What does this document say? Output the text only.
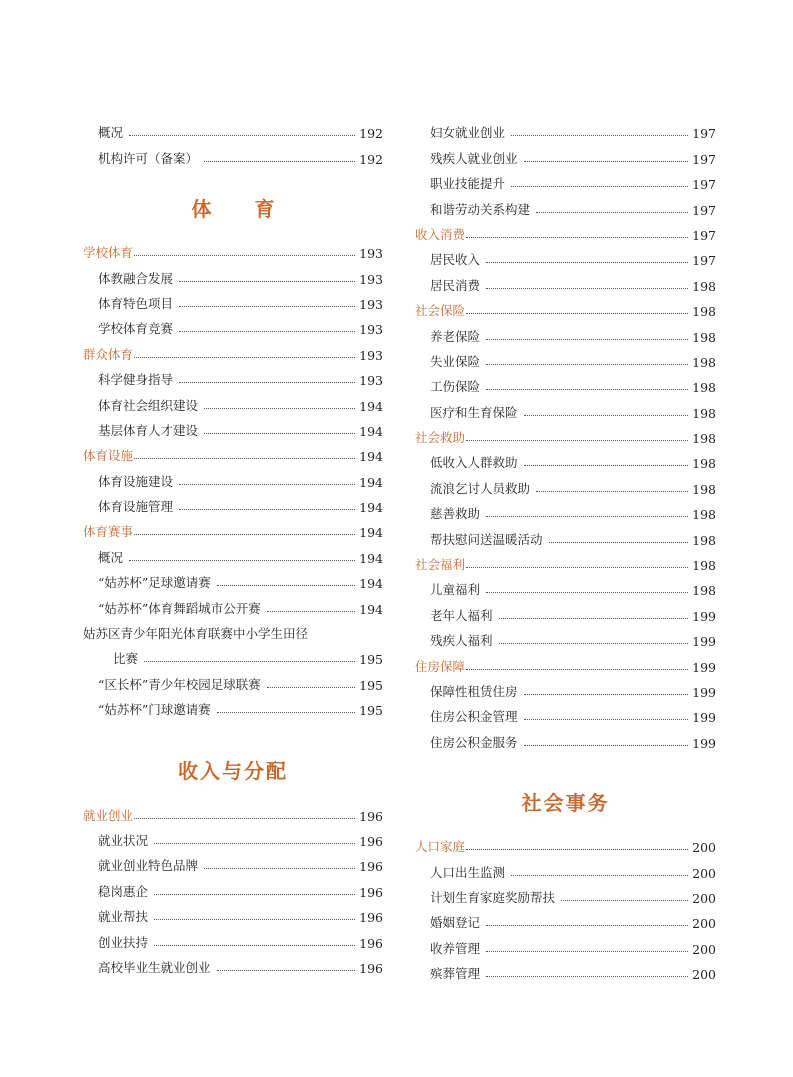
概况	192
机构许可（备案）	192
体 育
学校体育	193
体教融合发展	193
体育特色项目	193
学校体育竞赛	193
群众体育	193
科学健身指导	193
体育社会组织建设	194
基层体育人才建设	194
体育设施	194
体育设施建设	194
体育设施管理	194
体育赛事	194
概况	194
“姑苏杯”足球邀请赛	194
“姑苏杯”体育舞蹈城市公开赛	194
姑苏区青少年阳光体育联赛中小学生田径
比赛	195
“区长杯”青少年校园足球联赛	195
“姑苏杯”门球邀请赛	195
收入与分配
就业创业	196
就业状况	196
就业创业特色品牌	196
稳岗惠企	196
就业帮扶	196
创业扶持	196
高校毕业生就业创业	196
妇女就业创业	197
残疾人就业创业	197
职业技能提升	197
和谐劳动关系构建	197
收入消费	197
居民收入	197
居民消费	198
社会保险	198
养老保险	198
失业保险	198
工伤保险	198
医疗和生育保险	198
社会救助	198
低收入人群救助	198
流浪乞讨人员救助	198
慈善救助	198
帮扶慰问送温暖活动	198
社会福利	198
儿童福利	198
老年人福利	199
残疾人福利	199
住房保障	199
保障性租赁住房	199
住房公积金管理	199
住房公积金服务	199
社会事务
人口家庭	200
人口出生监测	200
计划生育家庭奖励帮扶	200
婚姻登记	200
收养管理	200
殡葬管理	200
